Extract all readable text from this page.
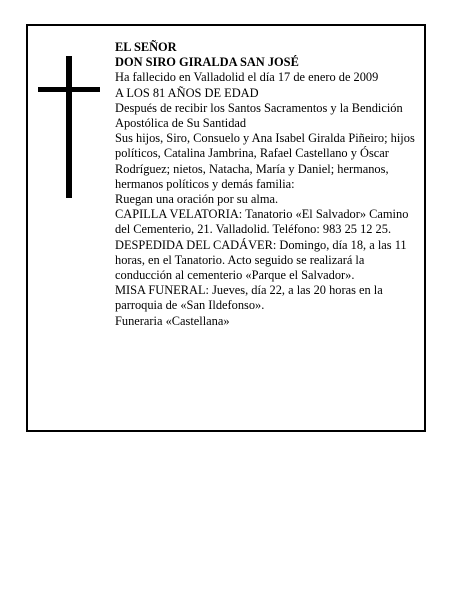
EL SEÑOR

DON SIRO GIRALDA SAN JOSÉ

Ha fallecido en Valladolid el día 17 de enero de 2009

A LOS 81 AÑOS DE EDAD

Después de recibir los Santos Sacramentos y la Bendición Apostólica de Su Santidad

Sus hijos, Siro, Consuelo y Ana Isabel Giralda Piñeiro; hijos políticos, Catalina Jambrina, Rafael Castellano y Óscar Rodríguez; nietos, Natacha, María y Daniel; hermanos, hermanos políticos y demás familia:

Ruegan una oración por su alma.

CAPILLA VELATORIA: Tanatorio «El Salvador» Camino del Cementerio, 21. Valladolid. Teléfono: 983 25 12 25.

DESPEDIDA DEL CADÁVER: Domingo, día 18, a las 11 horas, en el Tanatorio. Acto seguido se realizará la conducción al cementerio «Parque el Salvador».

MISA FUNERAL: Jueves, día 22, a las 20 horas en la parroquia de «San Ildefonso».

Funeraria «Castellana»
